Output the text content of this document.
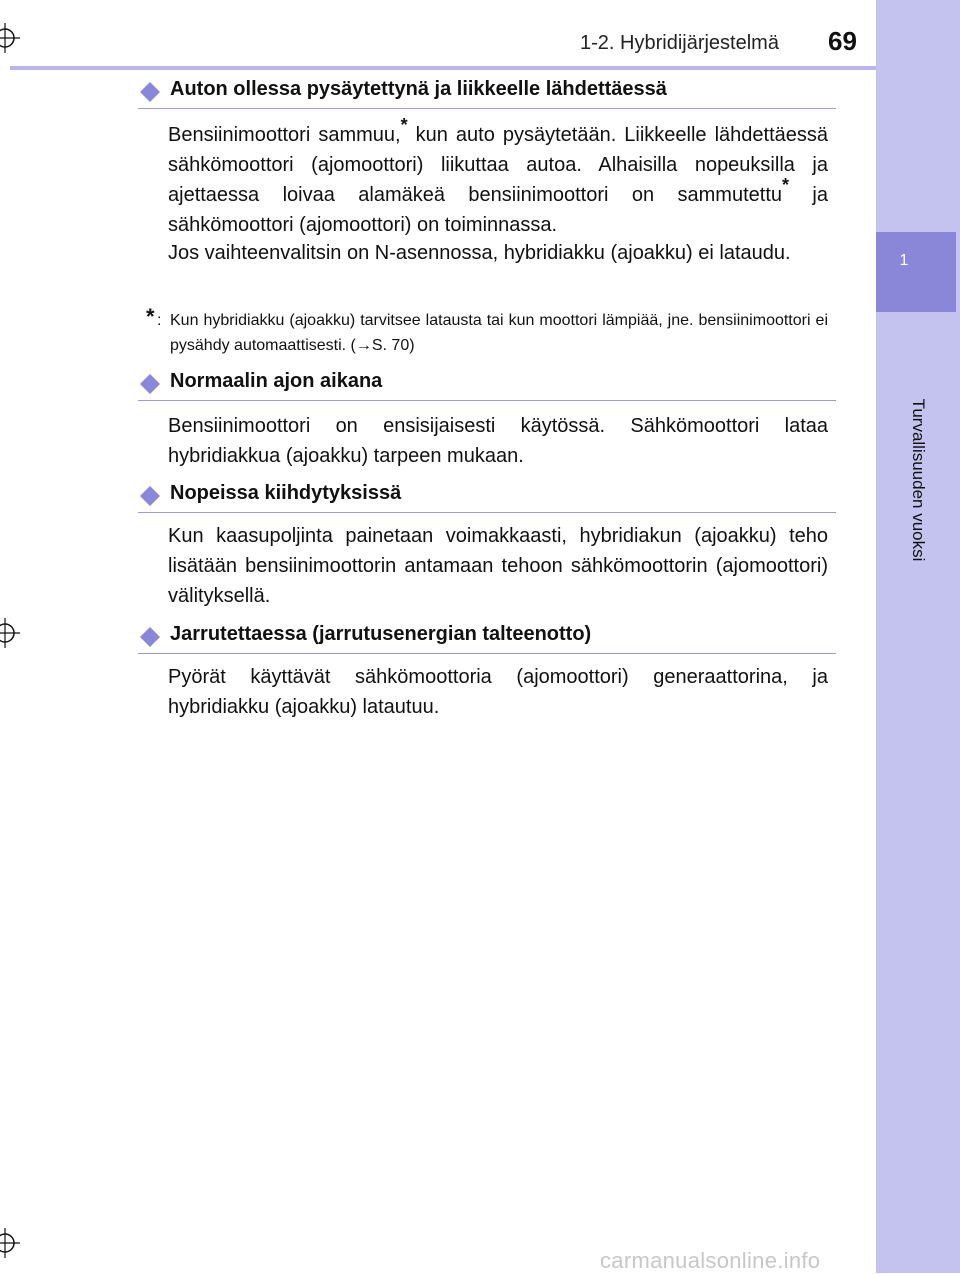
1
Turvallisuuden vuoksi
1-2. Hybridijärjestelmä 69
Auton ollessa pysäytettynä ja liikkeelle lähdettäessä

Bensiinimoottori sammuu,* kun auto pysäytetään. Liikkeelle lähdettäessä sähkömoottori (ajomoottori) liikuttaa autoa. Alhaisilla nopeuksilla ja ajettaessa loivaa alamäkeä bensiinimoottori on sammutettu* ja sähkömoottori (ajomoottori) on toiminnassa.

Jos vaihteenvalitsin on N-asennossa, hybridiakku (ajoakku) ei lataudu.

* : Kun hybridiakku (ajoakku) tarvitsee latausta tai kun moottori lämpiää, jne. bensiinimoottori ei pysähdy automaattisesti. (→S. 70)
Normaalin ajon aikana

Bensiinimoottori on ensisijaisesti käytössä. Sähkömoottori lataa hybridiakkua (ajoakku) tarpeen mukaan.

Nopeissa kiihdytyksissä

Kun kaasupoljinta painetaan voimakkaasti, hybridiakun (ajoakku) teho lisätään bensiinimoottorin antamaan tehoon sähkömoottorin (ajomoottori) välityksellä.

Jarrutettaessa (jarrutusenergian talteenotto)

Pyörät käyttävät sähkömoottoria (ajomoottori) generaattorina, ja hybridiakku (ajoakku) latautuu.

carmanualsonline.info
